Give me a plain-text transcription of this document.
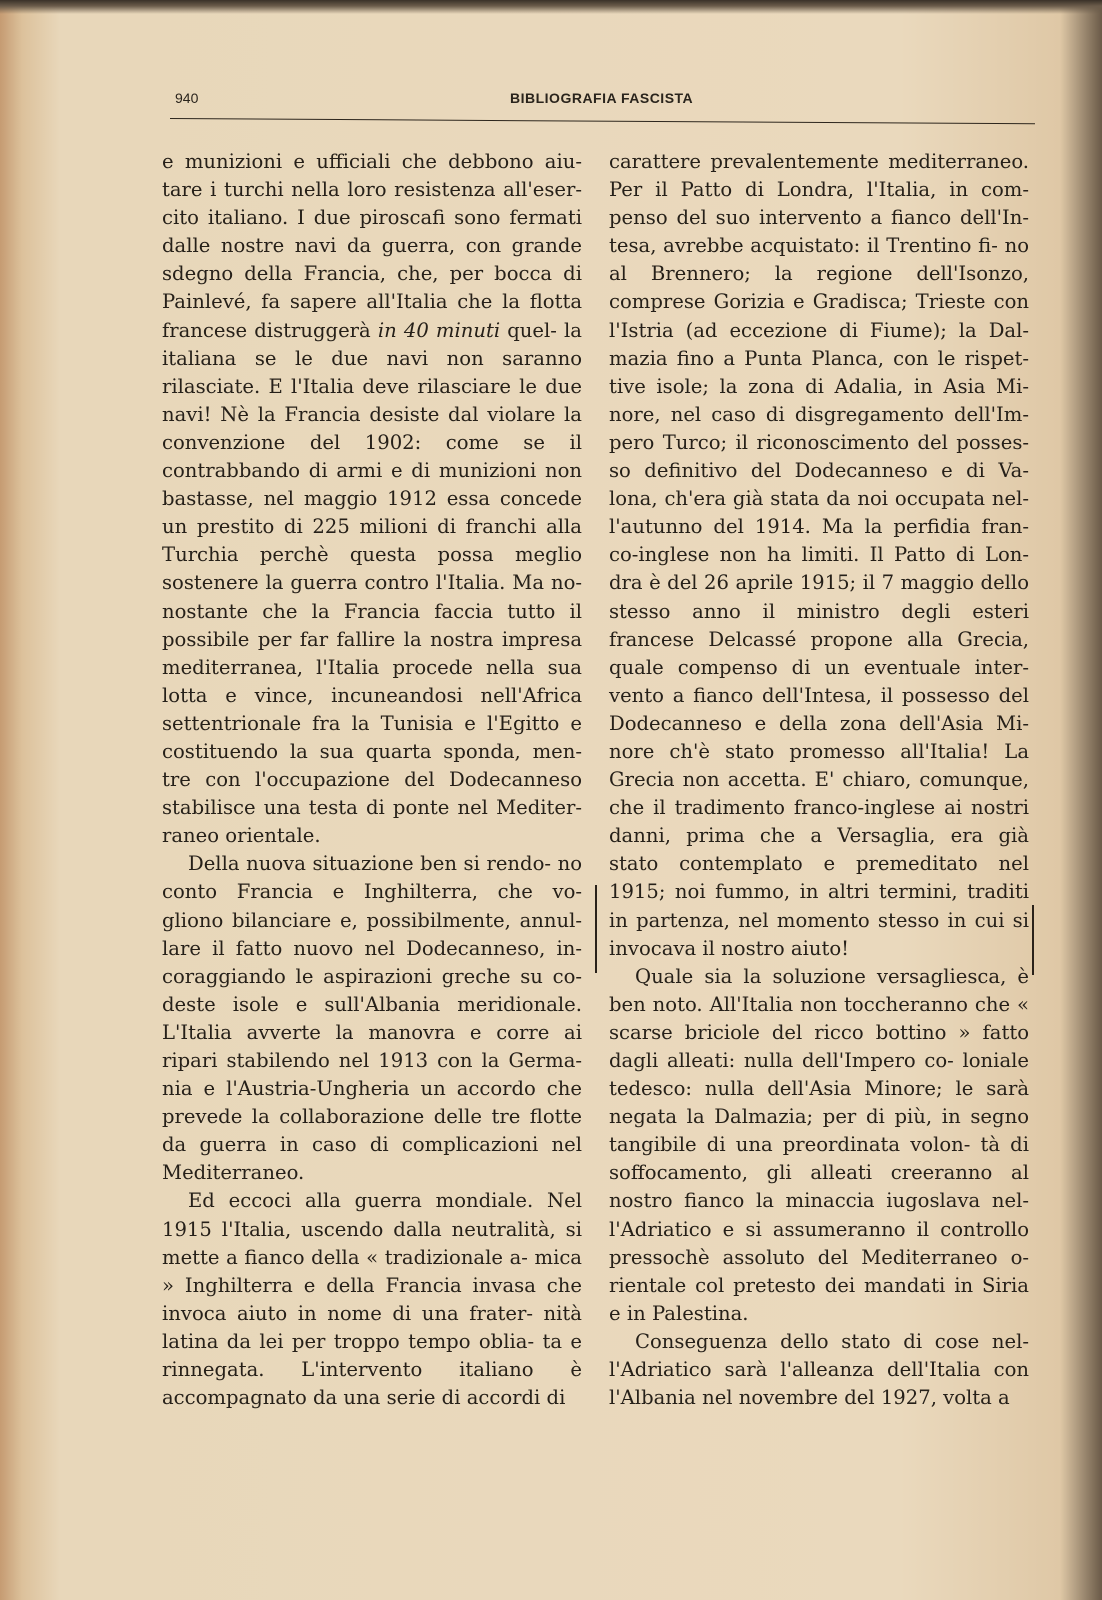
940	BIBLIOGRAFIA FASCISTA

e munizioni e ufficiali che debbono aiu- tare i turchi nella loro resistenza all'eser- cito italiano. I due piroscafi sono fermati dalle nostre navi da guerra, con grande sdegno della Francia, che, per bocca di Painlevé, fa sapere all'Italia che la flotta francese distruggerà in 40 minuti quel- la italiana se le due navi non saranno rilasciate. E l'Italia deve rilasciare le due navi! Nè la Francia desiste dal violare la convenzione del 1902: come se il contrabbando di armi e di munizioni non bastasse, nel maggio 1912 essa concede un prestito di 225 milioni di franchi alla Turchia perchè questa possa meglio sostenere la guerra contro l'Italia. Ma no- nostante che la Francia faccia tutto il possibile per far fallire la nostra impresa mediterranea, l'Italia procede nella sua lotta e vince, incuneandosi nell'Africa settentrionale fra la Tunisia e l'Egitto e costituendo la sua quarta sponda, men- tre con l'occupazione del Dodecanneso stabilisce una testa di ponte nel Mediter- raneo orientale.

Della nuova situazione ben si rendo- no conto Francia e Inghilterra, che vo- gliono bilanciare e, possibilmente, annul- lare il fatto nuovo nel Dodecanneso, in- coraggiando le aspirazioni greche su co- deste isole e sull'Albania meridionale. L'Italia avverte la manovra e corre ai ripari stabilendo nel 1913 con la Germa- nia e l'Austria-Ungheria un accordo che prevede la collaborazione delle tre flotte da guerra in caso di complicazioni nel Mediterraneo.

Ed eccoci alla guerra mondiale. Nel 1915 l'Italia, uscendo dalla neutralità, si mette a fianco della « tradizionale a- mica » Inghilterra e della Francia invasa che invoca aiuto in nome di una frater- nità latina da lei per troppo tempo oblia- ta e rinnegata. L'intervento italiano è accompagnato da una serie di accordi di

carattere prevalentemente mediterraneo. Per il Patto di Londra, l'Italia, in com- penso del suo intervento a fianco dell'In- tesa, avrebbe acquistato: il Trentino fi- no al Brennero; la regione dell'Isonzo, comprese Gorizia e Gradisca; Trieste con l'Istria (ad eccezione di Fiume); la Dal- mazia fino a Punta Planca, con le rispet- tive isole; la zona di Adalia, in Asia Mi- nore, nel caso di disgregamento dell'Im- pero Turco; il riconoscimento del posses- so definitivo del Dodecanneso e di Va- lona, ch'era già stata da noi occupata nel- l'autunno del 1914. Ma la perfidia fran- co-inglese non ha limiti. Il Patto di Lon- dra è del 26 aprile 1915; il 7 maggio dello stesso anno il ministro degli esteri francese Delcassé propone alla Grecia, quale compenso di un eventuale inter- vento a fianco dell'Intesa, il possesso del Dodecanneso e della zona dell'Asia Mi- nore ch'è stato promesso all'Italia! La Grecia non accetta. E' chiaro, comunque, che il tradimento franco-inglese ai nostri danni, prima che a Versaglia, era già stato contemplato e premeditato nel 1915; noi fummo, in altri termini, traditi in partenza, nel momento stesso in cui si invocava il nostro aiuto!

Quale sia la soluzione versagliesca, è ben noto. All'Italia non toccheranno che « scarse briciole del ricco bottino » fatto dagli alleati: nulla dell'Impero co- loniale tedesco: nulla dell'Asia Minore; le sarà negata la Dalmazia; per di più, in segno tangibile di una preordinata volon- tà di soffocamento, gli alleati creeranno al nostro fianco la minaccia iugoslava nel- l'Adriatico e si assumeranno il controllo pressochè assoluto del Mediterraneo o- rientale col pretesto dei mandati in Siria e in Palestina.

Conseguenza dello stato di cose nel- l'Adriatico sarà l'alleanza dell'Italia con l'Albania nel novembre del 1927, volta a
